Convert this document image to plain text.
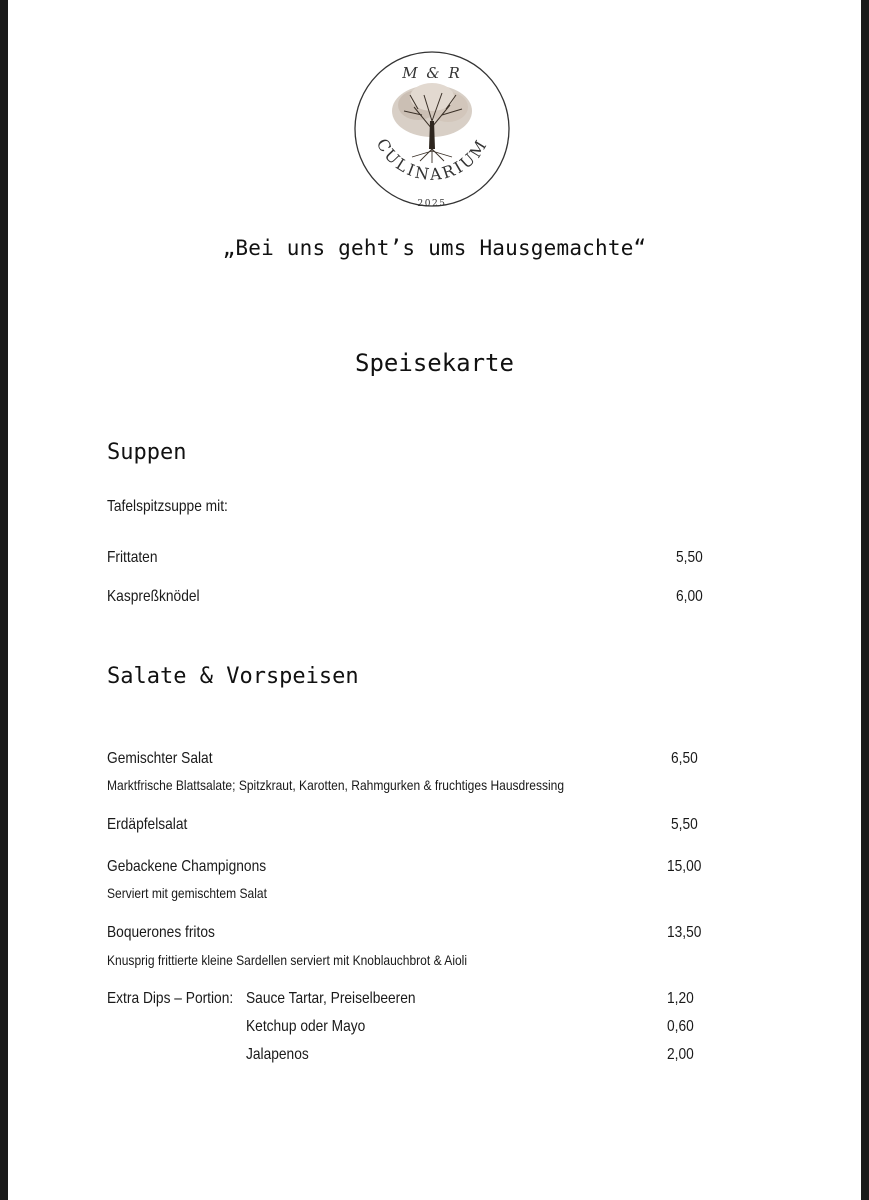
M & R
CULINARIUM
2025
„Bei uns geht’s ums Hausgemachte“
Speisekarte
Suppen
Tafelspitzsuppe mit:
Frittaten	5,50
Kaspreßknödel	6,00
Salate & Vorspeisen
Gemischter Salat	6,50
Marktfrische Blattsalate; Spitzkraut, Karotten, Rahmgurken & fruchtiges Hausdressing
Erdäpfelsalat	5,50
Gebackene Champignons	15,00
Serviert mit gemischtem Salat
Boquerones fritos	13,50
Knusprig frittierte kleine Sardellen serviert mit Knoblauchbrot & Aioli
Extra Dips – Portion: Sauce Tartar, Preiselbeeren	1,20
Ketchup oder Mayo	0,60
Jalapenos	2,00
